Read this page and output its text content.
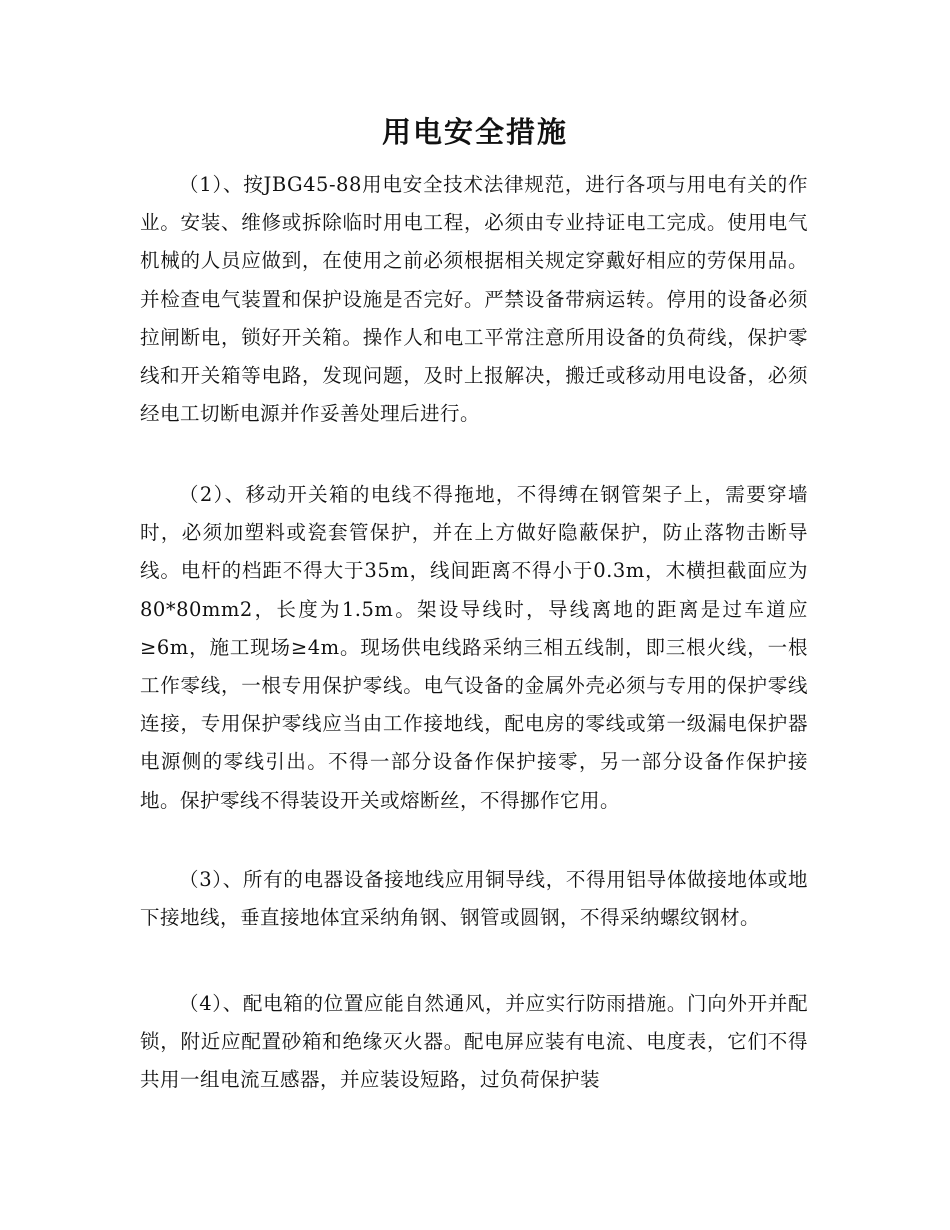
用电安全措施

（1）、按JBG45-88用电安全技术法律规范，进行各项与用电有关的作业。安装、维修或拆除临时用电工程，必须由专业持证电工完成。使用电气机械的人员应做到，在使用之前必须根据相关规定穿戴好相应的劳保用品。并检查电气装置和保护设施是否完好。严禁设备带病运转。停用的设备必须拉闸断电，锁好开关箱。操作人和电工平常注意所用设备的负荷线，保护零线和开关箱等电路，发现问题，及时上报解决，搬迁或移动用电设备，必须经电工切断电源并作妥善处理后进行。

（2）、移动开关箱的电线不得拖地，不得缚在钢管架子上，需要穿墙时，必须加塑料或瓷套管保护，并在上方做好隐蔽保护，防止落物击断导线。电杆的档距不得大于35m，线间距离不得小于0.3m，木横担截面应为80*80mm2，长度为1.5m。架设导线时，导线离地的距离是过车道应≥6m，施工现场≥4m。现场供电线路采纳三相五线制，即三根火线，一根工作零线，一根专用保护零线。电气设备的金属外壳必须与专用的保护零线连接，专用保护零线应当由工作接地线，配电房的零线或第一级漏电保护器电源侧的零线引出。不得一部分设备作保护接零，另一部分设备作保护接地。保护零线不得装设开关或熔断丝，不得挪作它用。

（3）、所有的电器设备接地线应用铜导线，不得用铝导体做接地体或地下接地线，垂直接地体宜采纳角钢、钢管或圆钢，不得采纳螺纹钢材。

（4）、配电箱的位置应能自然通风，并应实行防雨措施。门向外开并配锁，附近应配置砂箱和绝缘灭火器。配电屏应装有电流、电度表，它们不得共用一组电流互感器，并应装设短路，过负荷保护装
